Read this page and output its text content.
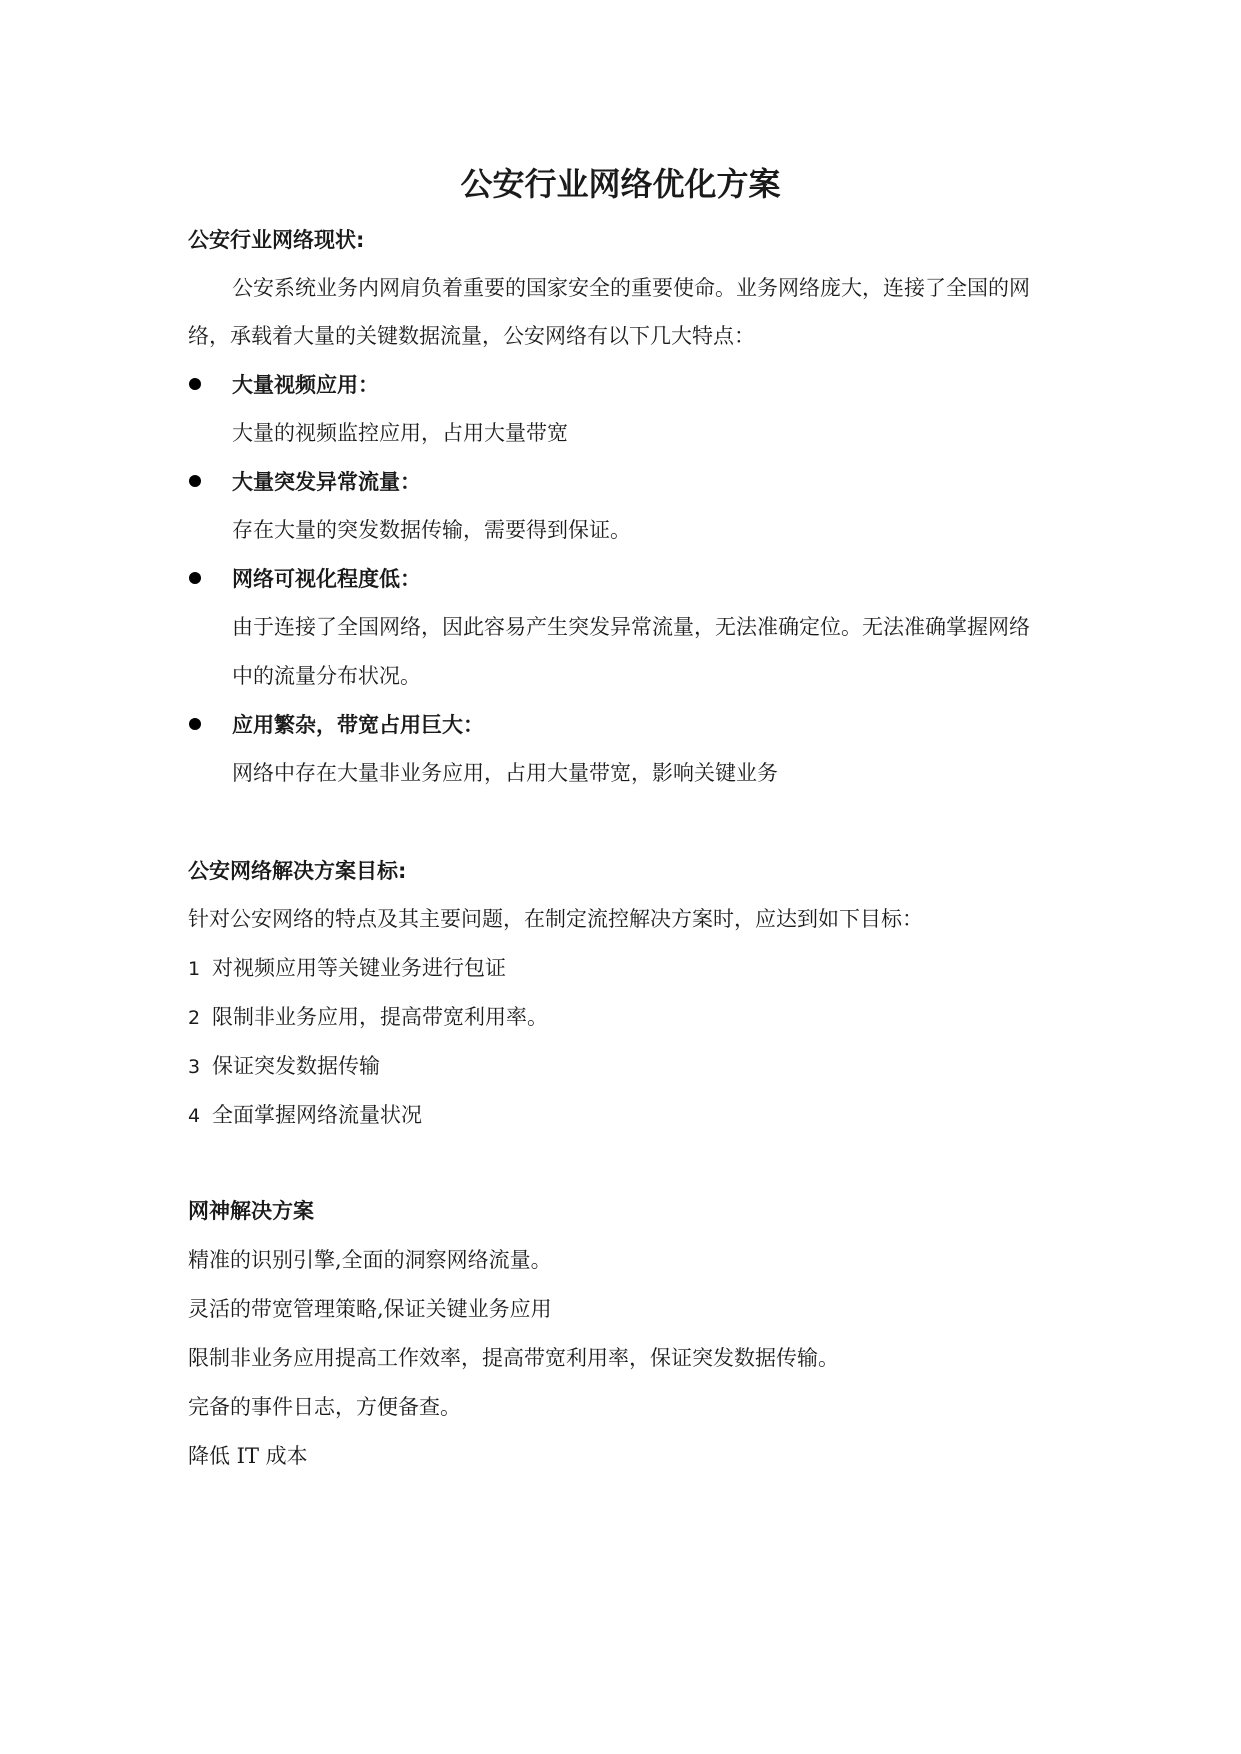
公安行业网络优化方案
公安行业网络现状:
公安系统业务内网肩负着重要的国家安全的重要使命。业务网络庞大，连接了全国的网
络，承载着大量的关键数据流量，公安网络有以下几大特点：
大量视频应用：
大量的视频监控应用，占用大量带宽
大量突发异常流量：
存在大量的突发数据传输，需要得到保证。
网络可视化程度低：
由于连接了全国网络，因此容易产生突发异常流量，无法准确定位。无法准确掌握网络
中的流量分布状况。
应用繁杂，带宽占用巨大：
网络中存在大量非业务应用，占用大量带宽，影响关键业务
公安网络解决方案目标:
针对公安网络的特点及其主要问题，在制定流控解决方案时，应达到如下目标：
1 对视频应用等关键业务进行包证
2 限制非业务应用，提高带宽利用率。
3 保证突发数据传输
4 全面掌握网络流量状况
网神解决方案
精准的识别引擎,全面的洞察网络流量。
灵活的带宽管理策略,保证关键业务应用
限制非业务应用提高工作效率，提高带宽利用率，保证突发数据传输。
完备的事件日志，方便备查。
降低 IT 成本
